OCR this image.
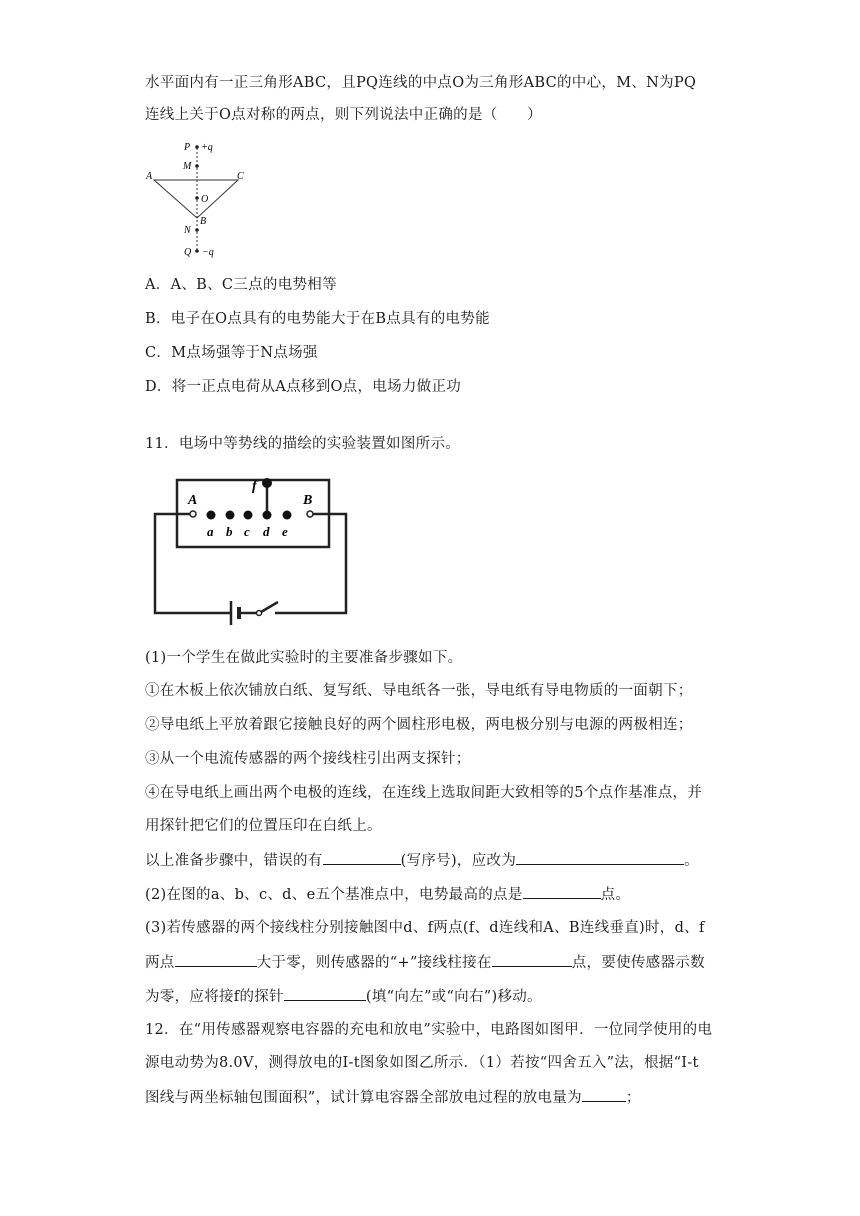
水平面内有一正三角形ABC，且PQ连线的中点O为三角形ABC的中心，M、N为PQ
连线上关于O点对称的两点，则下列说法中正确的是（　　）
P +q
M
A	C
O
B
N
Q −q
A．A、B、C三点的电势相等
B．电子在O点具有的电势能大于在B点具有的电势能
C．M点场强等于N点场强
D．将一正点电荷从A点移到O点，电场力做正功
11．电场中等势线的描绘的实验装置如图所示。
A	B
f
a b c d e
(1)一个学生在做此实验时的主要准备步骤如下。
①在木板上依次铺放白纸、复写纸、导电纸各一张，导电纸有导电物质的一面朝下；
②导电纸上平放着跟它接触良好的两个圆柱形电极，两电极分别与电源的两极相连；
③从一个电流传感器的两个接线柱引出两支探针；
④在导电纸上画出两个电极的连线，在连线上选取间距大致相等的5个点作基准点，并
用探针把它们的位置压印在白纸上。
以上准备步骤中，错误的有	(写序号)，应改为	。
(2)在图的a、b、c、d、e五个基准点中，电势最高的点是	点。
(3)若传感器的两个接线柱分别接触图中d、f两点(f、d连线和A、B连线垂直)时，d、f
两点	大于零，则传感器的“+”接线柱接在	点，要使传感器示数
为零，应将接f的探针	(填“向左”或“向右”)移动。
12．在“用传感器观察电容器的充电和放电”实验中，电路图如图甲．一位同学使用的电
源电动势为8.0V，测得放电的I-t图象如图乙所示．（1）若按“四舍五入”法，根据“I-t
图线与两坐标轴包围面积”，试计算电容器全部放电过程的放电量为	；
